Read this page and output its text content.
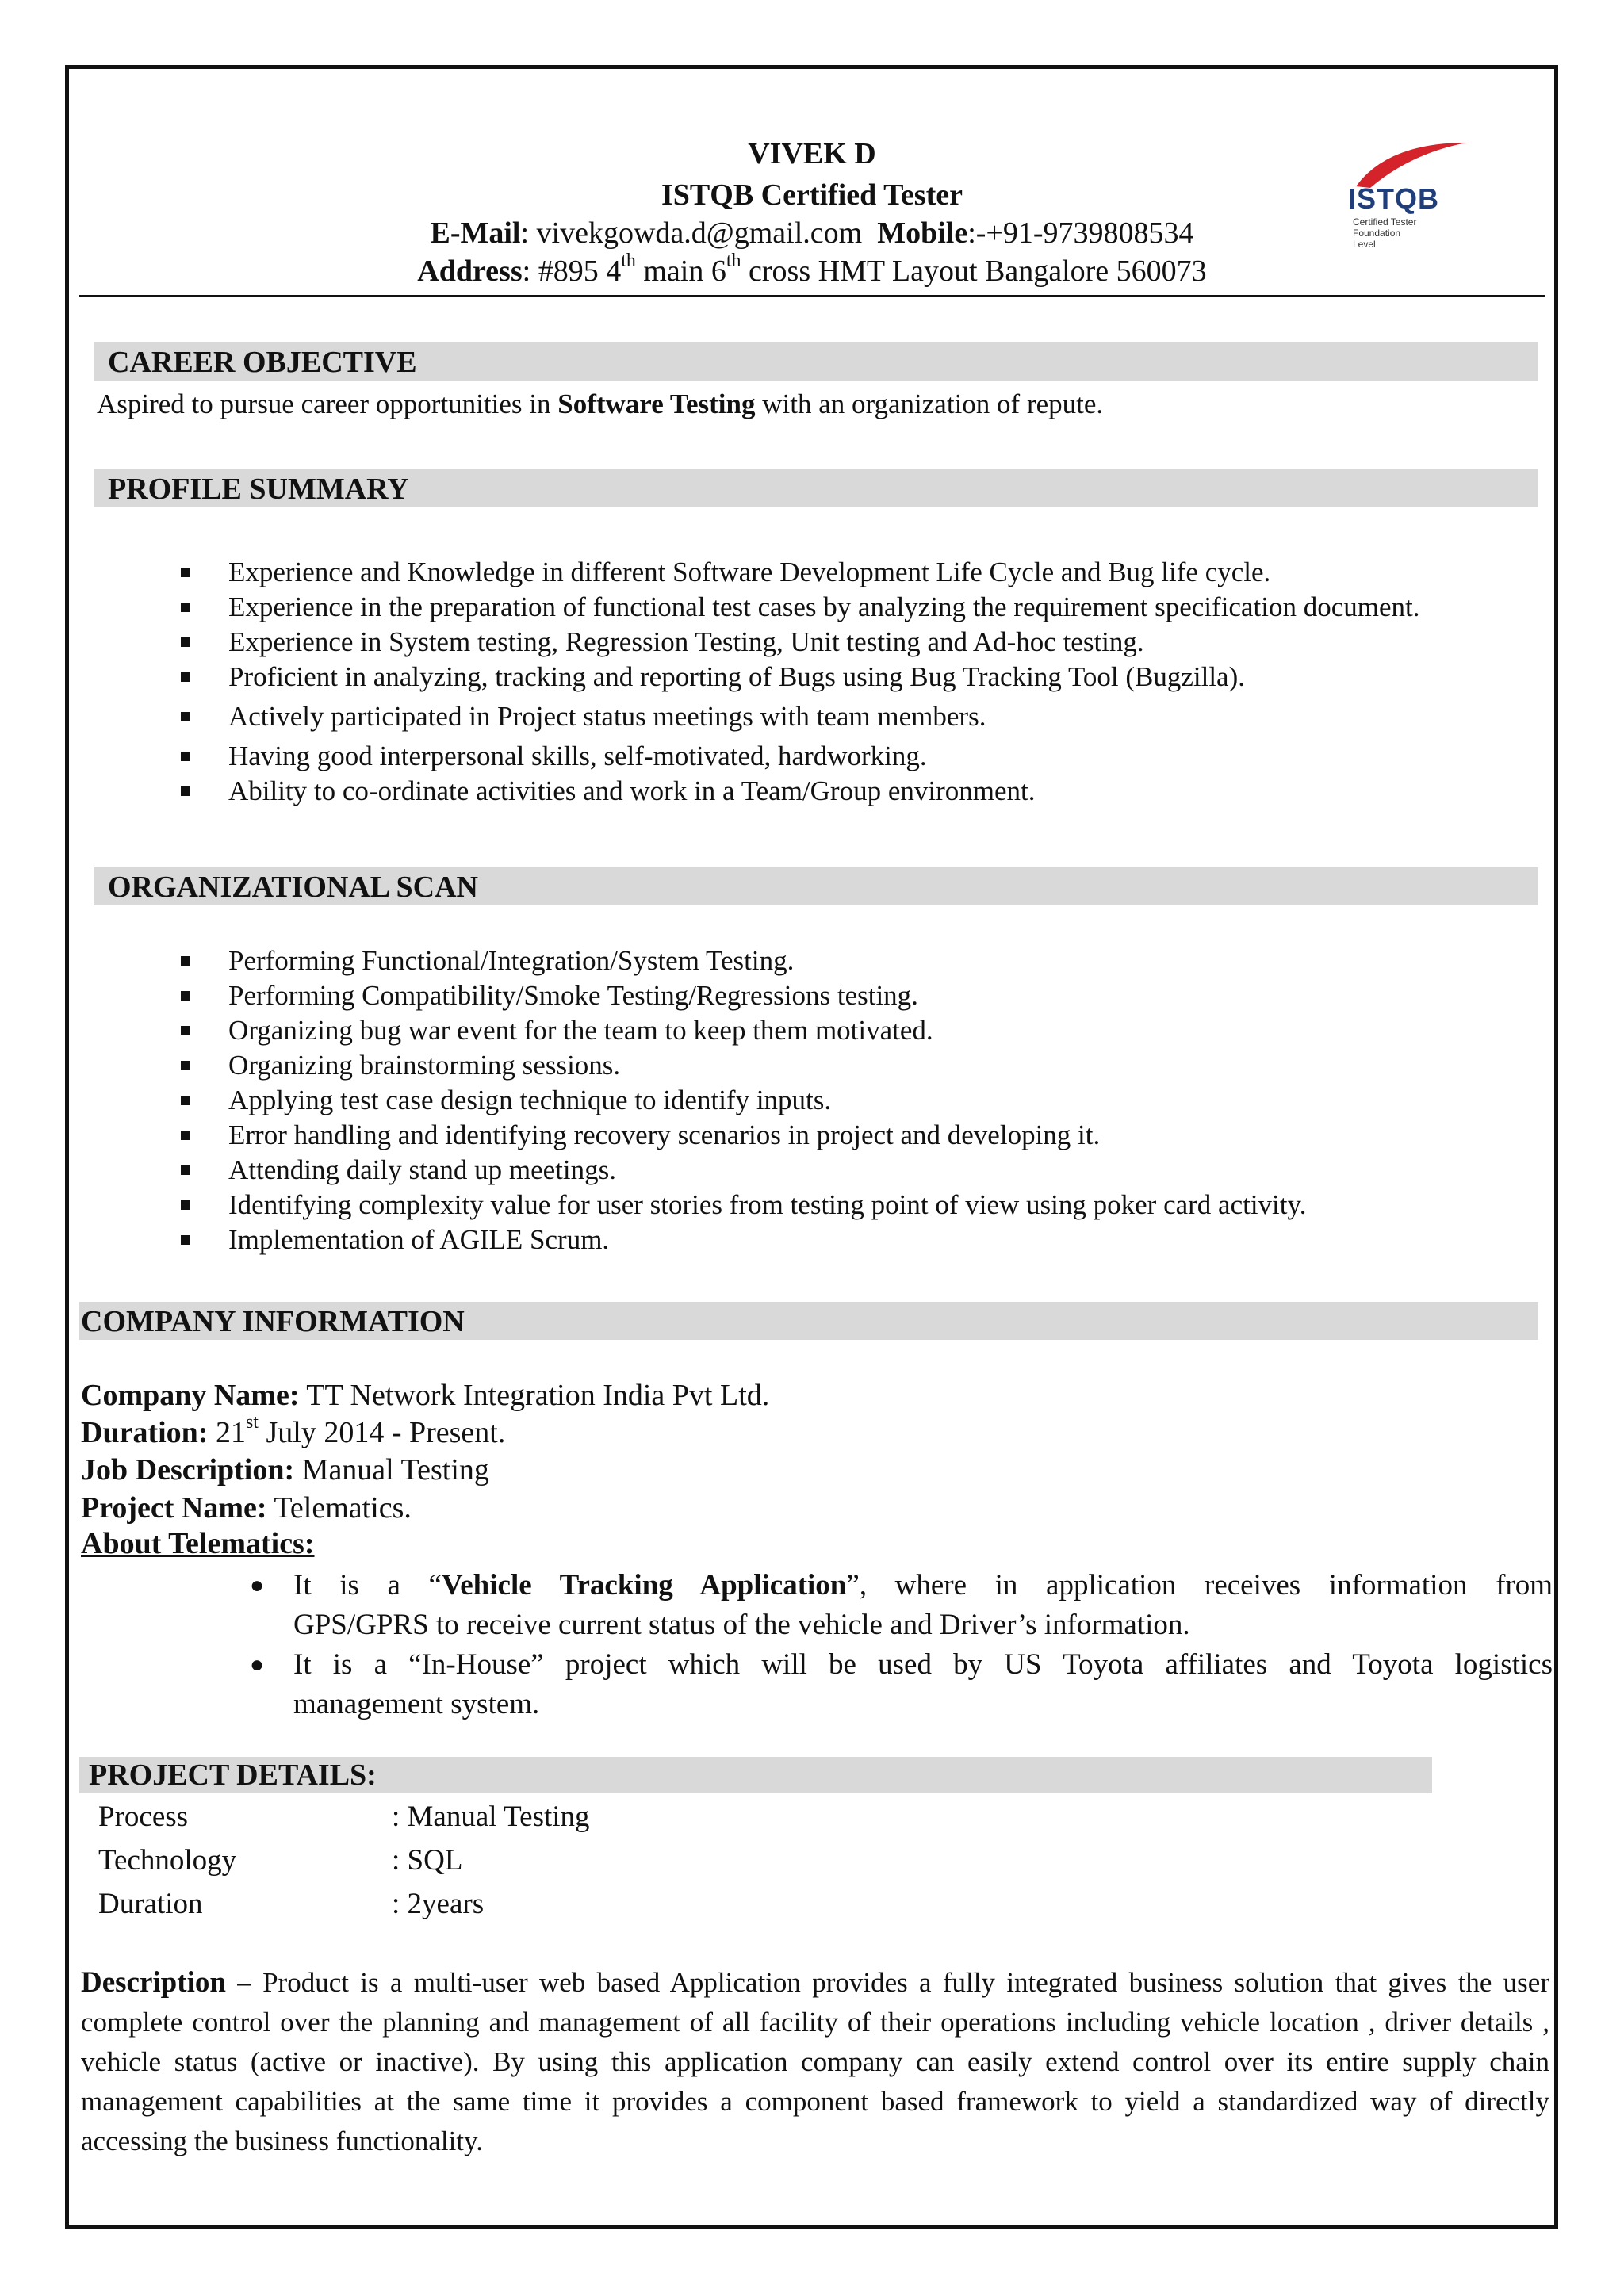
VIVEK D
ISTQB Certified Tester
E-Mail: vivekgowda.d@gmail.com Mobile:-+91-9739808534
Address: #895 4th main 6th cross HMT Layout Bangalore 560073
ISTQB
Certified Tester Foundation Level
CAREER OBJECTIVE
Aspired to pursue career opportunities in Software Testing with an organization of repute.
PROFILE SUMMARY
Experience and Knowledge in different Software Development Life Cycle and Bug life cycle.
Experience in the preparation of functional test cases by analyzing the requirement specification document.
Experience in System testing, Regression Testing, Unit testing and Ad-hoc testing.
Proficient in analyzing, tracking and reporting of Bugs using Bug Tracking Tool (Bugzilla).
Actively participated in Project status meetings with team members.
Having good interpersonal skills, self-motivated, hardworking.
Ability to co-ordinate activities and work in a Team/Group environment.
ORGANIZATIONAL SCAN
Performing Functional/Integration/System Testing.
Performing Compatibility/Smoke Testing/Regressions testing.
Organizing bug war event for the team to keep them motivated.
Organizing brainstorming sessions.
Applying test case design technique to identify inputs.
Error handling and identifying recovery scenarios in project and developing it.
Attending daily stand up meetings.
Identifying complexity value for user stories from testing point of view using poker card activity.
Implementation of AGILE Scrum.
COMPANY INFORMATION
Company Name: TT Network Integration India Pvt Ltd.
Duration: 21st July 2014 - Present.
Job Description: Manual Testing
Project Name: Telematics.
About Telematics:
● It is a “Vehicle Tracking Application”, where in application receives information from
GPS/GPRS to receive current status of the vehicle and Driver’s information.
● It is a “In-House” project which will be used by US Toyota affiliates and Toyota logistics
management system.
PROJECT DETAILS:
Process	: Manual Testing
Technology	: SQL
Duration	: 2years
Description – Product is a multi-user web based Application provides a fully integrated business solution that gives the user complete control over the planning and management of all facility of their operations including vehicle location , driver details , vehicle status (active or inactive). By using this application company can easily extend control over its entire supply chain management capabilities at the same time it provides a component based framework to yield a standardized way of directly accessing the business functionality.
